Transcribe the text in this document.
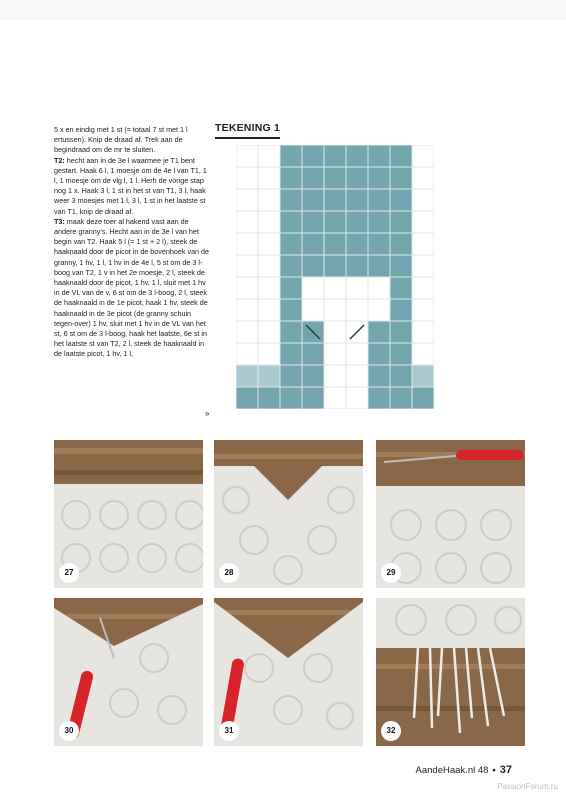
5 x en eindig met 1 st (= totaal 7 st met 1 l ertussen). Knip de draad af. Trek aan de begindraad om de mr te sluiten.

T2: hecht aan in de 3e l waarmee je T1 bent gestart. Haak 6 l, 1 moesje om de 4e l van T1, 1 l, 1 moesje om de vlg l, 1 l. Herh de vorige stap nog 1 x. Haak 3 l, 1 st in het st van T1, 3 l, haak weer 3 moesjes met 1 l, 3 l, 1 st in het laatste st van T1, knip de draad af.

T3: maak deze toer al hakend vast aan de andere granny's. Hecht aan in de 3e l van het begin van T2. Haak 5 l (= 1 st + 2 l), steek de haaknaald door de picot in de bovenhoek van de granny, 1 hv, 1 l, 1 hv in de 4e l, 5 st om de 3 l-boog van T2, 1 v in het 2e moesje, 2 l, steek de haaknaald door de picot, 1 hv, 1 l, sluit met 1 hv in de VL van de v, 6 st om de 3 l-boog, 2 l, steek de haaknaald in de 1e picot, haak 1 hv, steek de haaknaald in de 3e picot (de granny schuin tegen-over) 1 hv, sluit met 1 hv in de VL van het st, 6 st om de 3 l-boog, haak het laatste, 6e st in het laatste st van T2, 2 l, steek de haaknaald in de laatste picot, 1 hv, 1 l,

»
TEKENING 1
27	28	29
30	31	32
AandeHaak.nl 48 • 37
PassionForum.ru
